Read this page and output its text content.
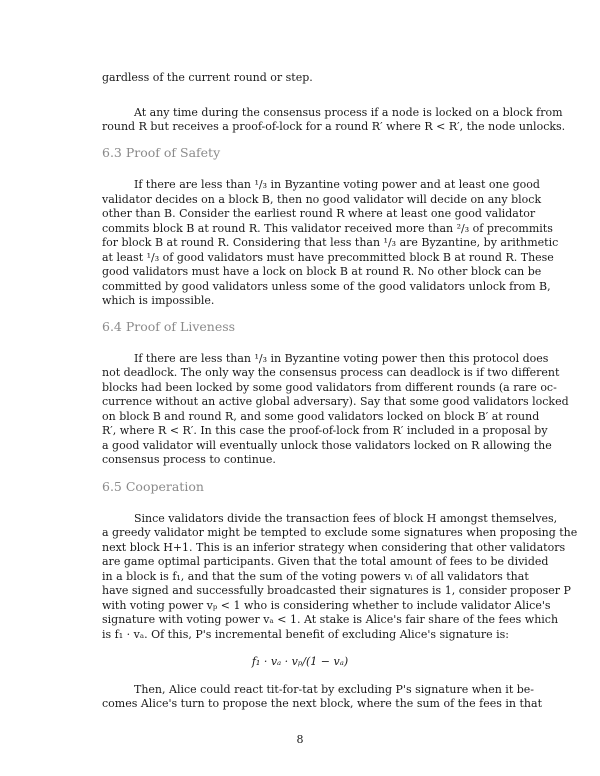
gardless of the current round or step.
At any time during the consensus process if a node is locked on a block from
round R but receives a proof-of-lock for a round R′ where R < R′, the node unlocks.
6.3 Proof of Safety
If there are less than ¹/₃ in Byzantine voting power and at least one good
validator decides on a block B, then no good validator will decide on any block
other than B. Consider the earliest round R where at least one good validator
commits block B at round R. This validator received more than ²/₃ of precommits
for block B at round R. Considering that less than ¹/₃ are Byzantine, by arithmetic
at least ¹/₃ of good validators must have precommitted block B at round R. These
good validators must have a lock on block B at round R. No other block can be
committed by good validators unless some of the good validators unlock from B,
which is impossible.
6.4 Proof of Liveness
If there are less than ¹/₃ in Byzantine voting power then this protocol does
not deadlock. The only way the consensus process can deadlock is if two different
blocks had been locked by some good validators from different rounds (a rare oc-
currence without an active global adversary). Say that some good validators locked
on block B and round R, and some good validators locked on block B′ at round
R′, where R < R′. In this case the proof-of-lock from R′ included in a proposal by
a good validator will eventually unlock those validators locked on R allowing the
consensus process to continue.
6.5 Cooperation
Since validators divide the transaction fees of block H amongst themselves,
a greedy validator might be tempted to exclude some signatures when proposing the
next block H+1. This is an inferior strategy when considering that other validators
are game optimal participants. Given that the total amount of fees to be divided
in a block is f₁, and that the sum of the voting powers vᵢ of all validators that
have signed and successfully broadcasted their signatures is 1, consider proposer P
with voting power vₚ < 1 who is considering whether to include validator Alice's
signature with voting power vₐ < 1. At stake is Alice's fair share of the fees which
is f₁ · vₐ. Of this, P's incremental benefit of excluding Alice's signature is:
f₁ · vₐ · vₚ/(1 − vₐ)
Then, Alice could react tit-for-tat by excluding P's signature when it be-
comes Alice's turn to propose the next block, where the sum of the fees in that
8
